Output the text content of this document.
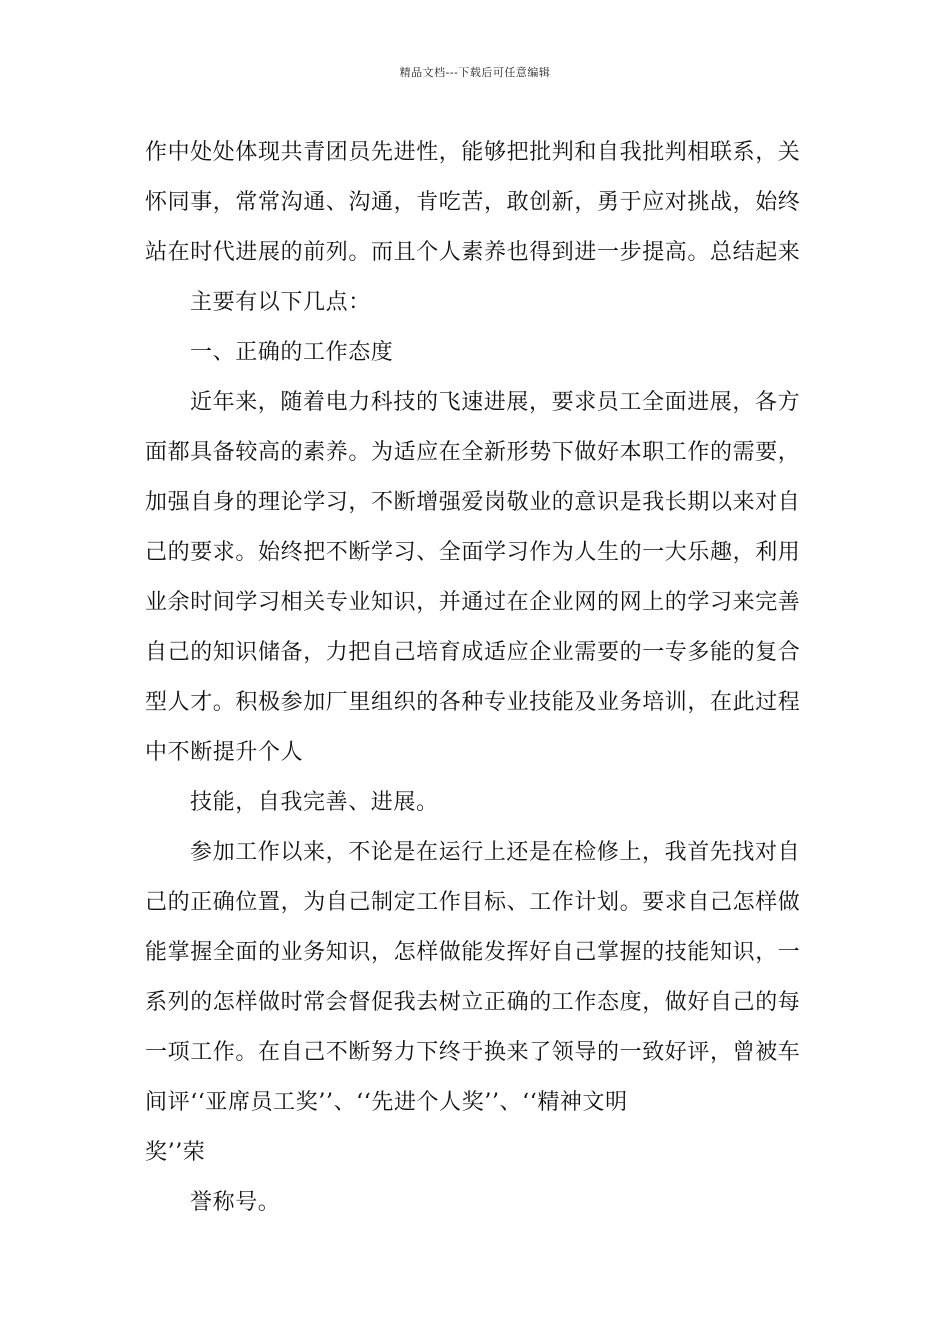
精品文档---下载后可任意编辑
作中处处体现共青团员先进性，能够把批判和自我批判相联系，关
怀同事，常常沟通、沟通，肯吃苦，敢创新，勇于应对挑战，始终
站在时代进展的前列。而且个人素养也得到进一步提高。总结起来
主要有以下几点：
一、正确的工作态度
近年来，随着电力科技的飞速进展，要求员工全面进展，各方
面都具备较高的素养。为适应在全新形势下做好本职工作的需要，
加强自身的理论学习，不断增强爱岗敬业的意识是我长期以来对自
己的要求。始终把不断学习、全面学习作为人生的一大乐趣，利用
业余时间学习相关专业知识，并通过在企业网的网上的学习来完善
自己的知识储备，力把自己培育成适应企业需要的一专多能的复合
型人才。积极参加厂里组织的各种专业技能及业务培训，在此过程
中不断提升个人
技能，自我完善、进展。
参加工作以来，不论是在运行上还是在检修上，我首先找对自
己的正确位置，为自己制定工作目标、工作计划。要求自己怎样做
能掌握全面的业务知识，怎样做能发挥好自己掌握的技能知识，一
系列的怎样做时常会督促我去树立正确的工作态度，做好自己的每
一项工作。在自己不断努力下终于换来了领导的一致好评，曾被车
间评‘‘亚席员工奖’’、‘‘先进个人奖’’、‘‘精神文明
奖’’荣
誉称号。
